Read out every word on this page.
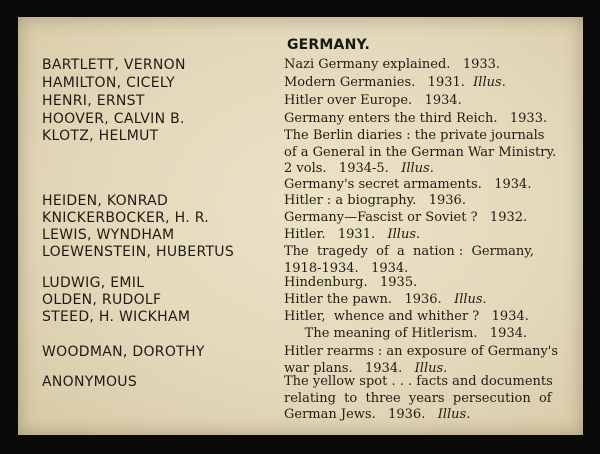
GERMANY.
BARTLETT, VERNON	Nazi Germany explained.   1933.
HAMILTON, CICELY	Modern Germanies.   1931.  Illus.
HENRI, ERNST	Hitler over Europe.   1934.
HOOVER, CALVIN B.	Germany enters the third Reich.   1933.
KLOTZ, HELMUT	The Berlin diaries : the private journals
of a General in the German War Ministry.
2 vols.   1934-5.   Illus.
Germany's secret armaments.   1934.
HEIDEN, KONRAD	Hitler : a biography.   1936.
KNICKERBOCKER, H. R.	Germany—Fascist or Soviet ?   1932.
LEWIS, WYNDHAM	Hitler.   1931.   Illus.
LOEWENSTEIN, HUBERTUS	The  tragedy  of  a  nation :  Germany,
1918-1934.   1934.
LUDWIG, EMIL	Hindenburg.   1935.
OLDEN, RUDOLF	Hitler the pawn.   1936.   Illus.
STEED, H. WICKHAM	Hitler,  whence and whither ?   1934.
The meaning of Hitlerism.   1934.
WOODMAN, DOROTHY	Hitler rearms : an exposure of Germany's
war plans.   1934.   Illus.
ANONYMOUS	The yellow spot . . . facts and documents
relating  to  three  years  persecution  of
German Jews.   1936.   Illus.
